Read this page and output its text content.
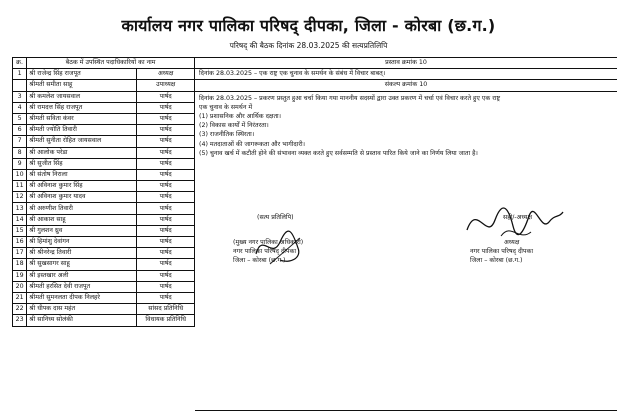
कार्यालय नगर पालिका परिषद् दीपका, जिला - कोरबा (छ.ग.)
परिषद् की बैठक दिनांक 28.03.2025 की सत्यप्रतिलिपि
क्र.	बैठक में उपस्थित पदाधिकारियों का नाम	
1	श्री राजेन्द्र सिंह राजपूत	अध्यक्ष
	श्रीमती समीता साहू	उपाध्यक्ष
3	श्री कमलेश जायसवाल	पार्षद
4	श्री रामदत्त सिंह राजपूत	पार्षद
5	श्रीमती सविता कंवर	पार्षद
6	श्रीमती ज्योति तिवारी	पार्षद
7	श्रीमती सुनीता रोहित जायसवाल	पार्षद
8	श्री आलोक परेडा	पार्षद
9	श्री सुजीत सिंह	पार्षद
10	श्री संतोष निराला	पार्षद
11	श्री अविनाश कुमार सिंह	पार्षद
12	श्री अविनाश कुमार यादव	पार्षद
13	श्री अरुणीश तिवारी	पार्षद
14	श्री आकाश साहू	पार्षद
15	श्री गुलशन ध्रुव	पार्षद
16	श्री हिमांशु देवांगन	पार्षद
17	श्री श्रीनरेन्द्र तिवारी	पार्षद
18	श्री सुखसागर साहू	पार्षद
19	श्री इस्तखार अली	पार्षद
20	श्रीमती हरसित देवी राजपूत	पार्षद
21	श्रीमती सुमनलता दीपक निलहरे	पार्षद
22	श्री धीपक दास महंत	सांसद प्रतिनिधि
23	श्री सानिध्य सोलंकी	विधायक प्रतिनिधि
प्रस्ताव क्रमांक 10
दिनांक 28.03.2025 – एक राष्ट्र एक चुनाव के समर्थन के संबंध में विचार बाबत्।
संकल्प क्रमांक 10
दिनांक 28.03.2025 – प्रकरण प्रस्तुत हुआ चर्चा किया गया माननीय सदस्यों द्वारा उक्त प्रकरण में चर्चा एवं विचार करते हुए एक राष्ट्र
एक चुनाव के समर्थन में
(1) प्रशासनिक और आर्थिक दक्षता।
(2) विकास कार्यों में निरंतरता।
(3) राजनीतिक स्थिरता।
(4) मतदाताओं की जागरूकता और भागीदारी।
(5) चुनाव खर्च में कटौती होने की संभावना व्यक्त करते हुए सर्वसम्मति से प्रस्ताव पारित किये जाने का निर्णय लिया जाता है।
(सत्य प्रतिलिपि)	सही/-अध्यक्ष
(मुख्य नगर पालिका अधिकारी)
नगर पालिका परिषद् दीपका
जिला – कोरबा (छ.ग.)
अध्यक्ष
नगर पालिका परिषद् दीपका
जिला – कोरबा (छ.ग.)
